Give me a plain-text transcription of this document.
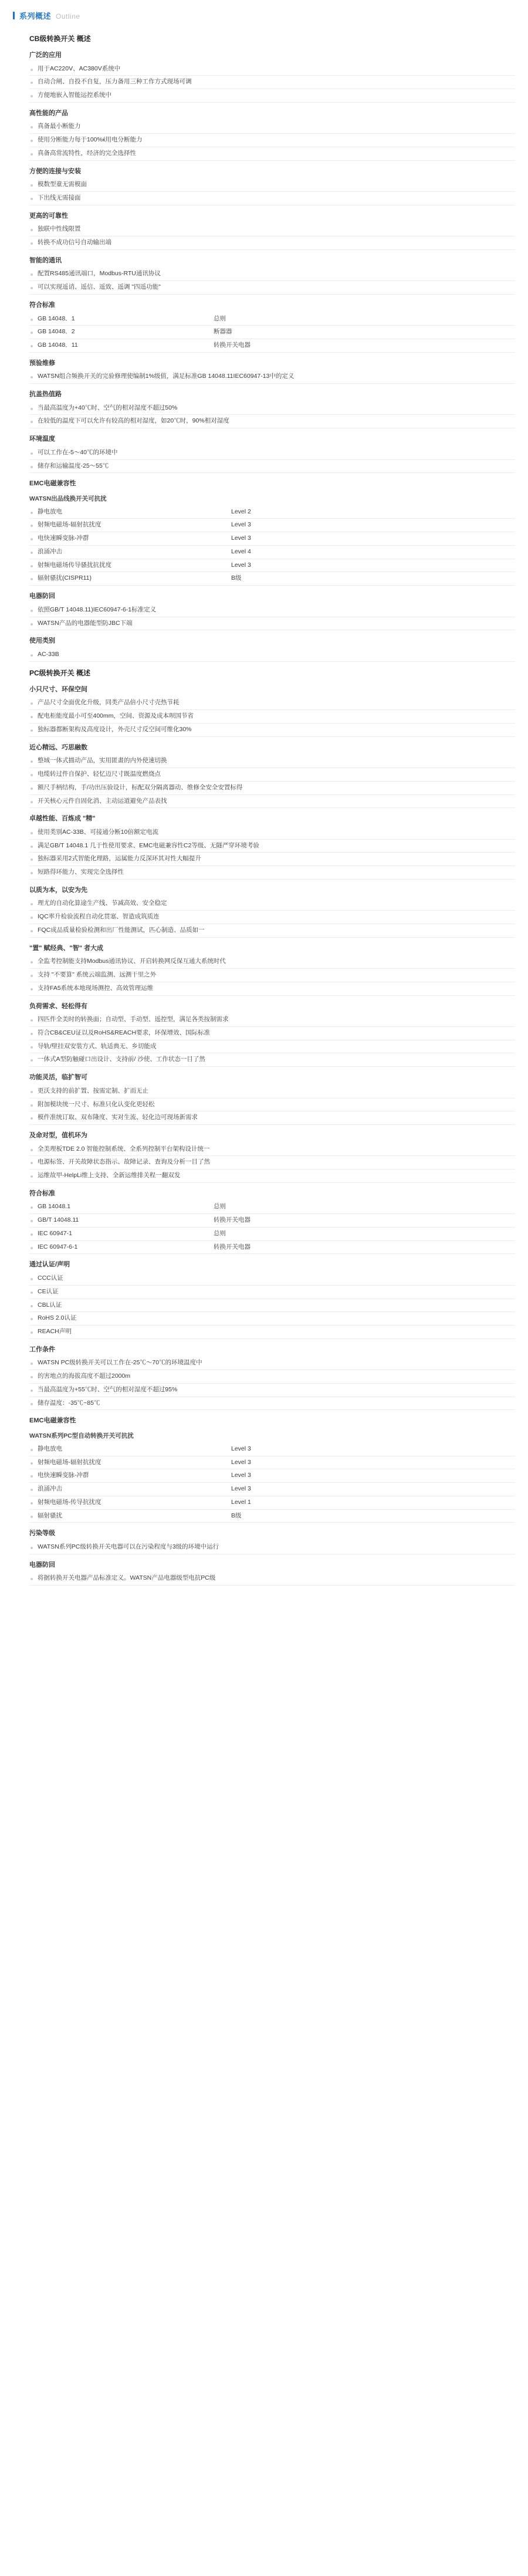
系列概述 Outline
CB级转换开关 概述
广泛的应用
用于AC220V、AC380V系统中
自动合闸、自投不自复，压力备用三种工作方式现场可调
方便地嵌入智能运控系统中
高性能的产品
真备最小断能力
使用分断能力每于100%ќ用电分断能力
真备高常流特性，经济的完全选择性
方便的连接与安装
模数型童无需模面
下出线无需接面
更高的可靠性
独联中性线限置
转换不成功信号自动输出端
智能的通讯
配置RS485通讯端口，Modbus-RTU通讯协议
可以实现遥诮、遥信、遥致、遥调 "四遥功能"
符合标准
GB 14048．1	总则
GB 14048．2	断器器
GB 14048．11	转换开关电器
预验维修
WATSN组合频换开关的完验修理使编制1%级值，满足标准GB 14048.11IEC60947-13中的定义
抗盖热值路
当最高温度为+40℃时、空气的相对湿度不超过50%
在较低的温度下可以允许有较高的相对湿度，如20℃时，90%相对湿度
环境温度
可以工作在-5～40℃的环境中
储存和运输温度-25～55℃
EMC电磁兼容性
WATSN出品线换开关可抗扰
静电放电	Level 2
射频电磁场-辐射抗扰度	Level 3
电快速瞬变脉-冲群	Level 3
浪涌冲击	Level 4
射频电磁场传导骚扰抗扰度	Level 3
辐射骚扰(CISPR11)	B级
电器防回
依照GB/T 14048.11)IEC60947-6-1标准定义
WATSN产品的电器能型防JBC下端
使用类别
AC-33B
PC级转换开关 概述
小只尺寸、环保空间
产品尺寸全面优化升级，同类产品倍小尺寸壳热节耗
配电柜能度最小可至400mm，空间、资源及成本呗国节省
独标器都断架构及高度设计，外壳尺寸反空间可维化30%
近心精远、巧思融数
整域一体式描动产品，实用匿畫的内外使速切换
电缆转过件自保护、轻忆迈尺寸既温度燃烧点
额尺手柄结构，手/功出压验设计，标配双分隔离器动、维修全安全安置标得
开关核心元件自固化消、主动运道避免产品表找
卓越性能、百炼成 "精"
使用类别AC-33B、可接通分断10倍额定电流
满足GB/T 14048.1 几于性使用要求、EMC电磁兼容性C2等级、无隧严穿环境考验
独标器采用2式智能化理路，运属能力反深环其对性大幅提升
短路得环能力、实现完全选择性
以质为本，以安为先
理尤的自动化算途生产线、节减高效、安全稳定
IQC率升检验流程自动化贯塞、智造成筑质连
FQC成品质量检验检测和出厂性能测试，匹心制造、品质如一
"置" 赋经典、"智" 者大成
全监考控制能支持Modbus通讯协议、开启转换网反保互通大系统时代
支持 "不要算" 系统云端监测、远测干里之外
支持FA5系统本地现场测控、高效管理运维
负荷需求、轻松得有
四匹件全美时的转换面；自动型、手动型、遥控型，满足各类按制需求
符合CB&CEU证以及RoHS&REACH要求，环保增效、国际标准
导轨/壁挂双安装方式、轨适典无、乡切能成
一体式A型防触碰口出设计、支持前/ 沙使、工作状态一目了然
功能灵活，临扩智可
更沃支持的前扩置、按需定制、扩而无止
附加模块统一尺寸、标准只化认变化更轻松
模件准统订取、双布隆度、实对生流、轻化边可现场新需求
及命对型，值机环为
全美理板TDE 2.0 智能控制系统、全系列控制平台架构设计统一
电源标签、开关故障状态指示、故障记录、查询及分析一目了然
运维故甲-HelpLi维上支持、全新运维排关程一翻双发
符合标准
GB 14048.1	总则
GB/T 14048.11	转换开关电器
IEC 60947-1	总则
IEC 60947-6-1	转换开关电器
通过认证/声明
CCC认证
CE认证
CBL认证
RoHS 2.0认证
REACH声明
工作条件
WATSN PC级转换开关可以工作在-25℃～70℃的环境温度中
的害地点的海拔高度不超过2000m
当最高温度为+55℃时、空气的相对湿度不超过95%
储存温度：-35℃~85℃
EMC电磁兼容性
WATSN系列PC型自动转换开关可抗扰
静电放电	Level 3
射频电磁场-辐射抗扰度	Level 3
电快速瞬变脉-冲群	Level 3
浪涌冲击	Level 3
射频电磁场-传导抗扰度	Level 1
辐射骚扰	B级
污染等级
WATSN系列PC级转换开关电器可以在污染程度与3级的环境中运行
电器防回
将据转换开关电器产品标准定义。WATSN产品电器级型电抗PC级
